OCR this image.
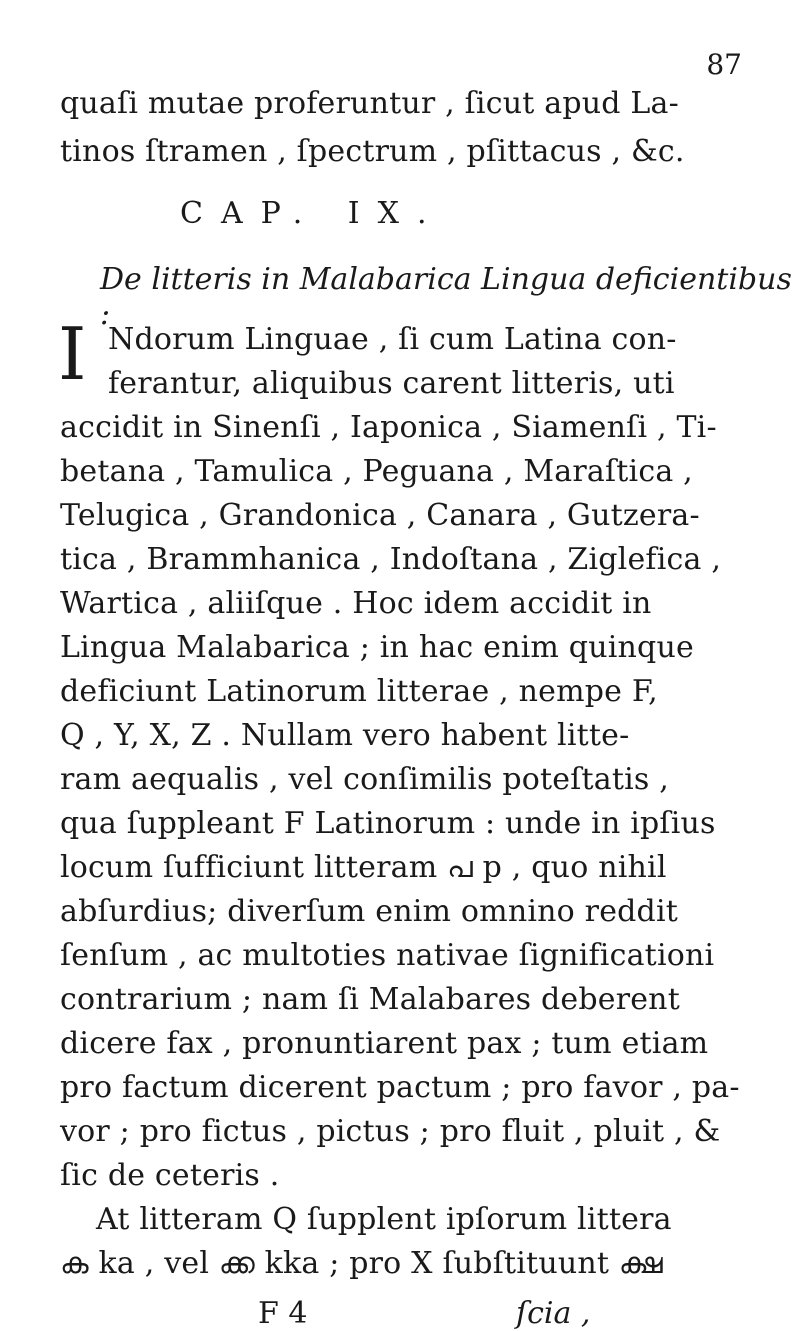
87
quaſi mutae proferuntur , ſicut apud La-
tinos ſtramen , ſpectrum , pſittacus , &c.
CAP. IX.
De litteris in Malabarica Lingua deficientibus :
I Ndorum Linguae , ſi cum Latina con-
ferantur, aliquibus carent litteris, uti
accidit in Sinenſi , Iaponica , Siamenſi , Ti-
betana , Tamulica , Peguana , Maraſtica ,
Telugica , Grandonica , Canara , Gutzera-
tica , Brammhanica , Indoſtana , Ziglefica ,
Wartica , aliiſque . Hoc idem accidit in
Lingua Malabarica ; in hac enim quinque
deficiunt Latinorum litterae , nempe F,
Q , Y, X, Z . Nullam vero habent litte-
ram aequalis , vel conſimilis poteſtatis ,
qua ſuppleant F Latinorum : unde in ipſius
locum ſufficiunt litteram പ p , quo nihil
abſurdius; diverſum enim omnino reddit
ſenſum , ac multoties nativae ſignificationi
contrarium ; nam ſi Malabares deberent
dicere fax , pronuntiarent pax ; tum etiam
pro factum dicerent pactum ; pro favor , pa-
vor ; pro fictus , pictus ; pro fluit , pluit , &
ſic de ceteris .
F 4	ſcia ,
At litteram Q ſupplent ipſorum littera
ക ka , vel ക്ക kka ; pro X ſubſtituunt ക്ഷ
